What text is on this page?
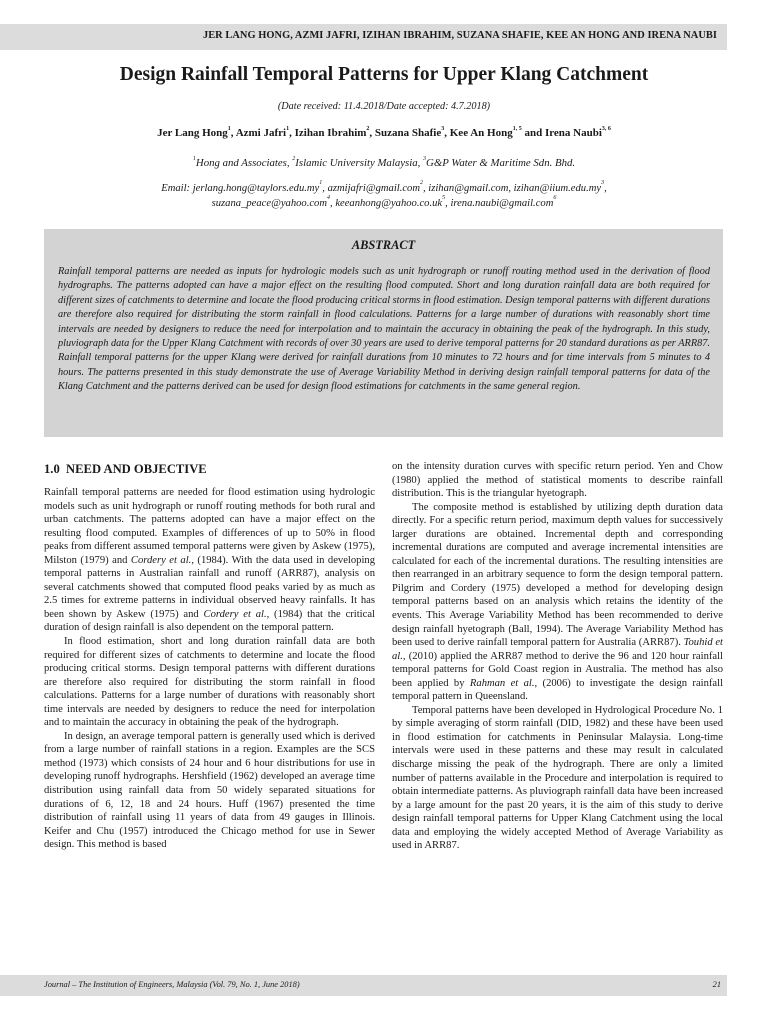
JER LANG HONG, AZMI JAFRI, IZIHAN IBRAHIM, SUZANA SHAFIE, KEE AN HONG AND IRENA NAUBI
Design Rainfall Temporal Patterns for Upper Klang Catchment
(Date received: 11.4.2018/Date accepted: 4.7.2018)
Jer Lang Hong$^1$, Azmi Jafri$^1$, Izihan Ibrahim$^2$, Suzana Shafie$^3$, Kee An Hong$^{1, 5}$ and Irena Naubi$^{3, 6}$
$^1$Hong and Associates, $^2$Islamic University Malaysia, $^3$G&P Water & Maritime Sdn. Bhd.
Email: $jerlang.hong@taylors.edu.my^1$, azmijafri@gmail.com$^2$, izihan@gmail.com, $izihan@iium.edu.my^3$,
suzana_peace@yahoo.com$^4$, $keeanhong@yahoo.co.uk^5$, irena.naubi@gmail.com$^6$
ABSTRACT
Rainfall temporal patterns are needed as inputs for hydrologic models such as unit hydrograph or runoff routing method used in the derivation of flood hydrographs. The patterns adopted can have a major effect on the resulting flood computed. Short and long duration rainfall data are both required for different sizes of catchments to determine and locate the flood producing critical storms in flood estimation. Design temporal patterns with different durations are therefore also required for distributing the storm rainfall in flood calculations. Patterns for a large number of durations with reasonably short time intervals are needed by designers to reduce the need for interpolation and to maintain the accuracy in obtaining the peak of the hydrograph. In this study, pluviograph data for the Upper Klang Catchment with records of over 30 years are used to derive temporal patterns for 20 standard durations as per ARR87. Rainfall temporal patterns for the upper Klang were derived for rainfall durations from 10 minutes to 72 hours and for time intervals from 5 minutes to 4 hours. The patterns presented in this study demonstrate the use of Average Variability Method in deriving design rainfall temporal patterns for data of the Klang Catchment and the patterns derived can be used for design flood estimations for catchments in the same general region.
1.0 NEED AND OBJECTIVE

Rainfall temporal patterns are needed for flood estimation using hydrologic models such as unit hydrograph or runoff routing methods for both rural and urban catchments. The patterns adopted can have a major effect on the resulting flood computed. Examples of differences of up to 50% in flood peaks from different assumed temporal patterns were given by Askew (1975), Milston (1979) and Cordery et al., (1984). With the data used in developing temporal patterns in Australian rainfall and runoff (ARR87), analysis on several catchments showed that computed flood peaks varied by as much as 2.5 times for extreme patterns in individual observed heavy rainfalls. It has been shown by Askew (1975) and Cordery et al., (1984) that the critical duration of design rainfall is also dependent on the temporal pattern.

In flood estimation, short and long duration rainfall data are both required for different sizes of catchments to determine and locate the flood producing critical storms. Design temporal patterns with different durations are therefore also required for distributing the storm rainfall in flood calculations. Patterns for a large number of durations with reasonably short time intervals are needed by designers to reduce the need for interpolation and to maintain the accuracy in obtaining the peak of the hydrograph.

In design, an average temporal pattern is generally used which is derived from a large number of rainfall stations in a region. Examples are the SCS method (1973) which consists of 24 hour and 6 hour distributions for use in developing runoff hydrographs. Hershfield (1962) developed an average time distribution using rainfall data from 50 widely separated situations for durations of 6, 12, 18 and 24 hours. Huff (1967) presented the time distribution of rainfall using 11 years of data from 49 gauges in Illinois. Keifer and Chu (1957) introduced the Chicago method for use in Sewer design. This method is based

on the intensity duration curves with specific return period. Yen and Chow (1980) applied the method of statistical moments to describe rainfall distribution. This is the triangular hyetograph.

The composite method is established by utilizing depth duration data directly. For a specific return period, maximum depth values for successively larger durations are obtained. Incremental depth and corresponding incremental durations are computed and average incremental intensities are calculated for each of the incremental durations. The resulting intensities are then rearranged in an arbitrary sequence to form the design temporal pattern. Pilgrim and Cordery (1975) developed a method for developing design temporal patterns based on an analysis which retains the identity of the events. This Average Variability Method has been recommended to derive design rainfall hyetograph (Ball, 1994). The Average Variability Method has been used to derive rainfall temporal pattern for Australia (ARR87). Touhid et al., (2010) applied the ARR87 method to derive the 96 and 120 hour rainfall temporal patterns for Gold Coast region in Australia. The method has also been applied by Rahman et al., (2006) to investigate the design rainfall temporal pattern in Queensland.

Temporal patterns have been developed in Hydrological Procedure No. 1 by simple averaging of storm rainfall (DID, 1982) and these have been used in flood estimation for catchments in Peninsular Malaysia. Long-time intervals were used in these patterns and these may result in calculated discharge missing the peak of the hydrograph. There are only a limited number of patterns available in the Procedure and interpolation is required to obtain intermediate patterns. As pluviograph rainfall data have been increased by a large amount for the past 20 years, it is the aim of this study to derive design rainfall temporal patterns for Upper Klang Catchment using the local data and employing the widely accepted Method of Average Variability as used in ARR87.

Journal – The Institution of Engineers, Malaysia (Vol. 79, No. 1, June 2018)	21
